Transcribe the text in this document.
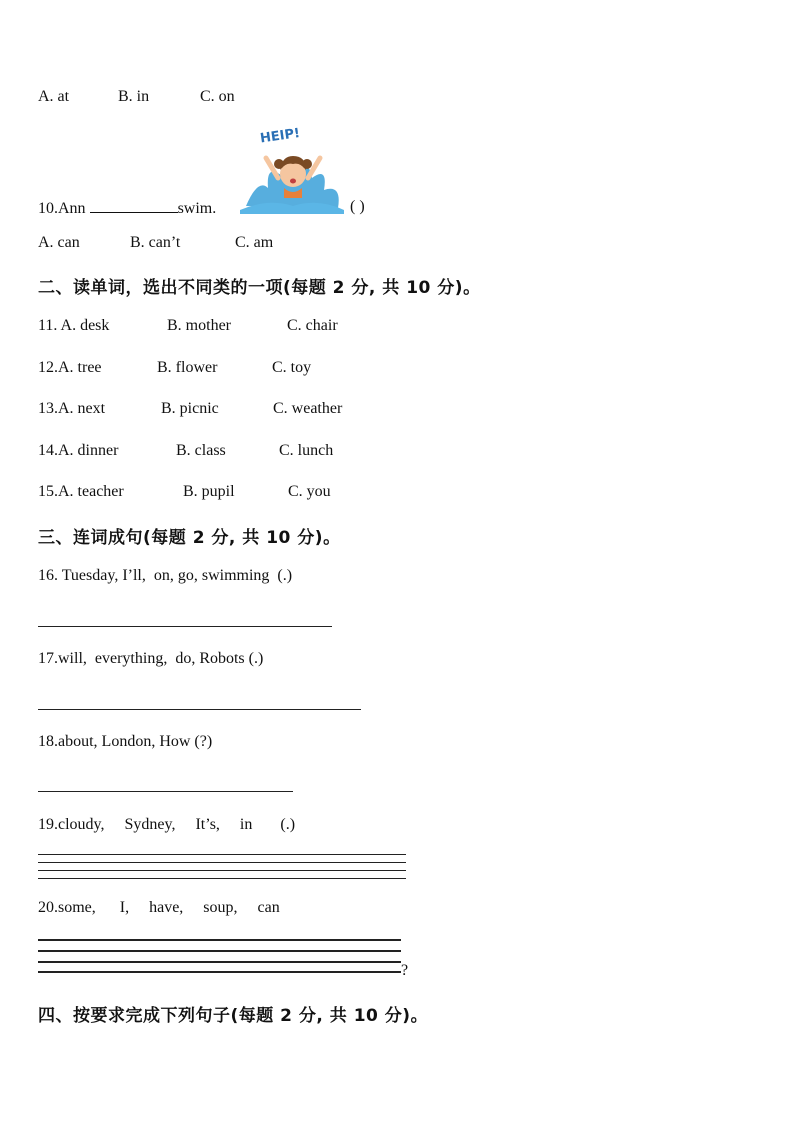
A. at	B. in	C. on
HEIP!
10.Ann	swim.	( )
A. can	B. can’t	C. am
二、读单词，选出不同类的一项(每题 2 分, 共 10 分)。
11. A. desk	B. mother	C. chair
12.A. tree	B. flower	C. toy
13.A. next	B. picnic	C. weather
14.A. dinner	B. class	C. lunch
15.A. teacher	B. pupil	C. you
三、连词成句(每题 2 分, 共 10 分)。
16. Tuesday, I’ll,  on, go, swimming  (.)
17.will,  everything,  do, Robots (.)
18.about, London, How (?)
19.cloudy,     Sydney,     It’s,     in       (.)
20.some,      I,     have,     soup,     can
?
四、按要求完成下列句子(每题 2 分, 共 10 分)。
